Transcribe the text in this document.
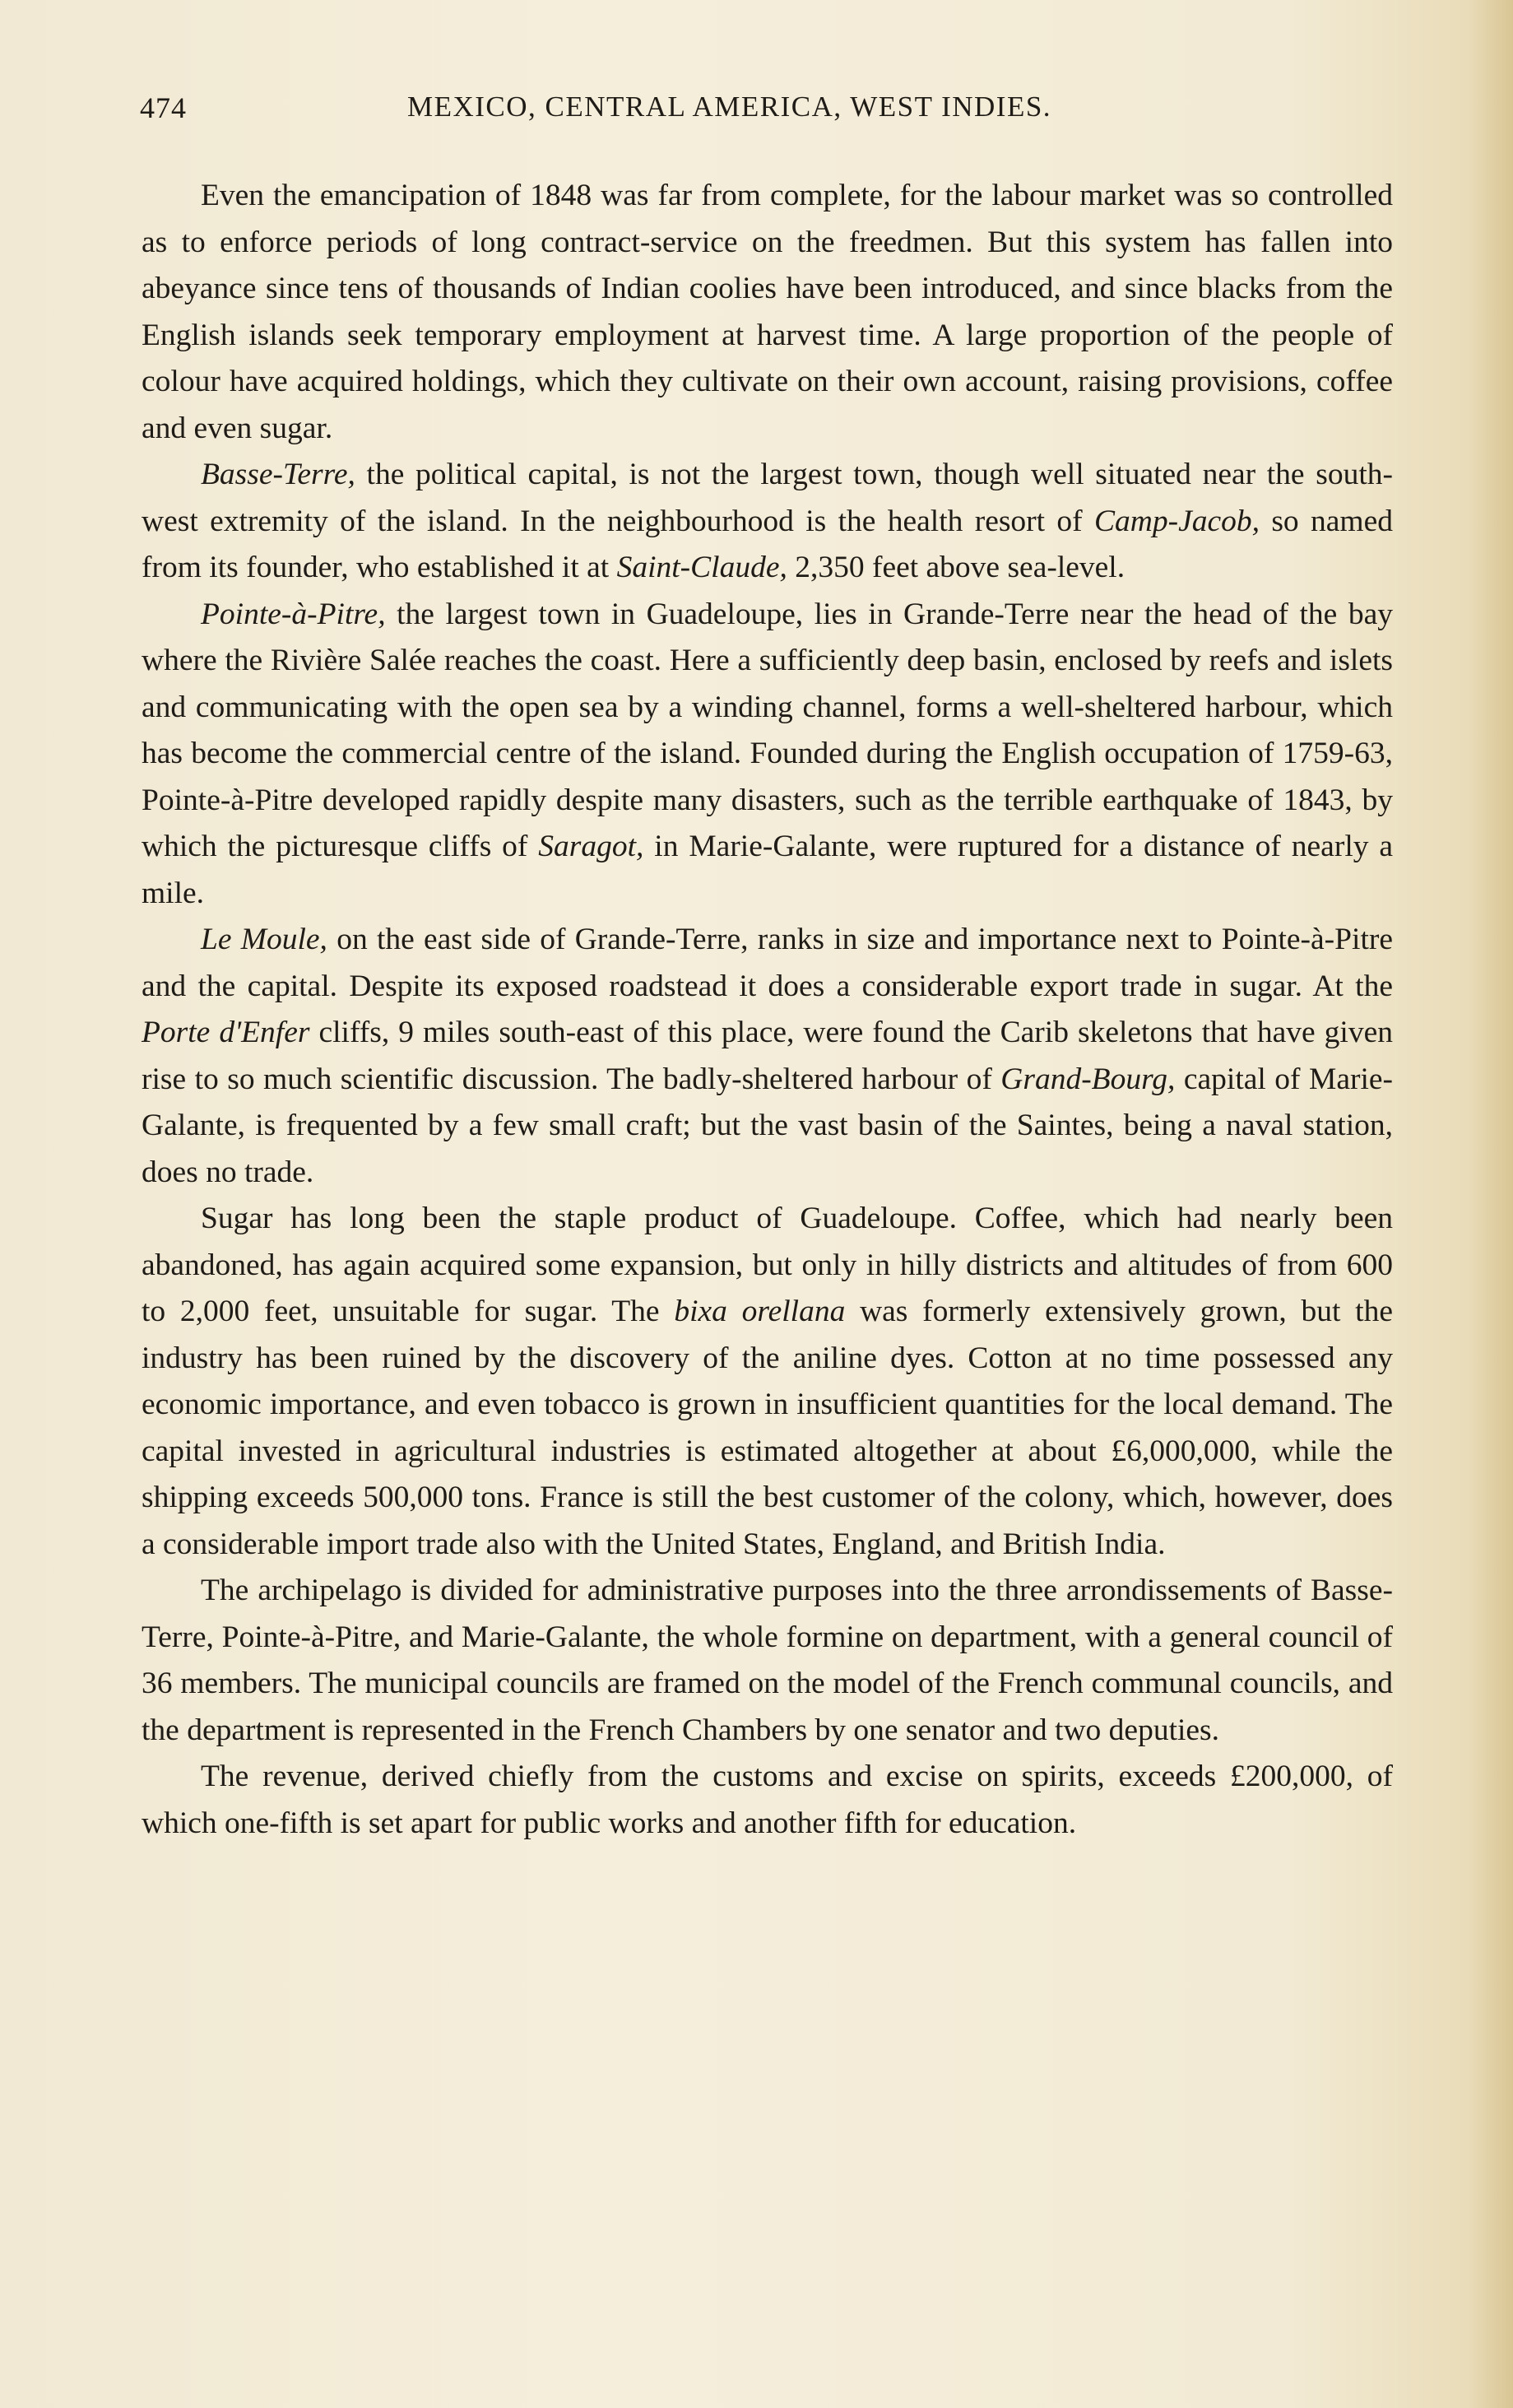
474	MEXICO, CENTRAL AMERICA, WEST INDIES.

Even the emancipation of 1848 was far from complete, for the labour market was so controlled as to enforce periods of long contract-service on the freedmen. But this system has fallen into abeyance since tens of thousands of Indian coolies have been introduced, and since blacks from the English islands seek temporary employment at harvest time. A large proportion of the people of colour have acquired holdings, which they cultivate on their own account, raising provisions, coffee and even sugar.

Basse-Terre, the political capital, is not the largest town, though well situated near the south-west extremity of the island. In the neighbourhood is the health resort of Camp-Jacob, so named from its founder, who established it at Saint-Claude, 2,350 feet above sea-level.

Pointe-à-Pitre, the largest town in Guadeloupe, lies in Grande-Terre near the head of the bay where the Rivière Salée reaches the coast. Here a sufficiently deep basin, enclosed by reefs and islets and communicating with the open sea by a winding channel, forms a well-sheltered harbour, which has become the commercial centre of the island. Founded during the English occupation of 1759-63, Pointe-à-Pitre developed rapidly despite many disasters, such as the terrible earthquake of 1843, by which the picturesque cliffs of Saragot, in Marie-Galante, were ruptured for a distance of nearly a mile.

Le Moule, on the east side of Grande-Terre, ranks in size and importance next to Pointe-à-Pitre and the capital. Despite its exposed roadstead it does a considerable export trade in sugar. At the Porte d'Enfer cliffs, 9 miles south-east of this place, were found the Carib skeletons that have given rise to so much scientific discussion. The badly-sheltered harbour of Grand-Bourg, capital of Marie-Galante, is frequented by a few small craft; but the vast basin of the Saintes, being a naval station, does no trade.

Sugar has long been the staple product of Guadeloupe. Coffee, which had nearly been abandoned, has again acquired some expansion, but only in hilly districts and altitudes of from 600 to 2,000 feet, unsuitable for sugar. The bixa orellana was formerly extensively grown, but the industry has been ruined by the discovery of the aniline dyes. Cotton at no time possessed any economic importance, and even tobacco is grown in insufficient quantities for the local demand. The capital invested in agricultural industries is estimated altogether at about £6,000,000, while the shipping exceeds 500,000 tons. France is still the best customer of the colony, which, however, does a considerable import trade also with the United States, England, and British India.

The archipelago is divided for administrative purposes into the three arrondissements of Basse-Terre, Pointe-à-Pitre, and Marie-Galante, the whole formine on department, with a general council of 36 members. The municipal councils are framed on the model of the French communal councils, and the department is represented in the French Chambers by one senator and two deputies.

The revenue, derived chiefly from the customs and excise on spirits, exceeds £200,000, of which one-fifth is set apart for public works and another fifth for education.
